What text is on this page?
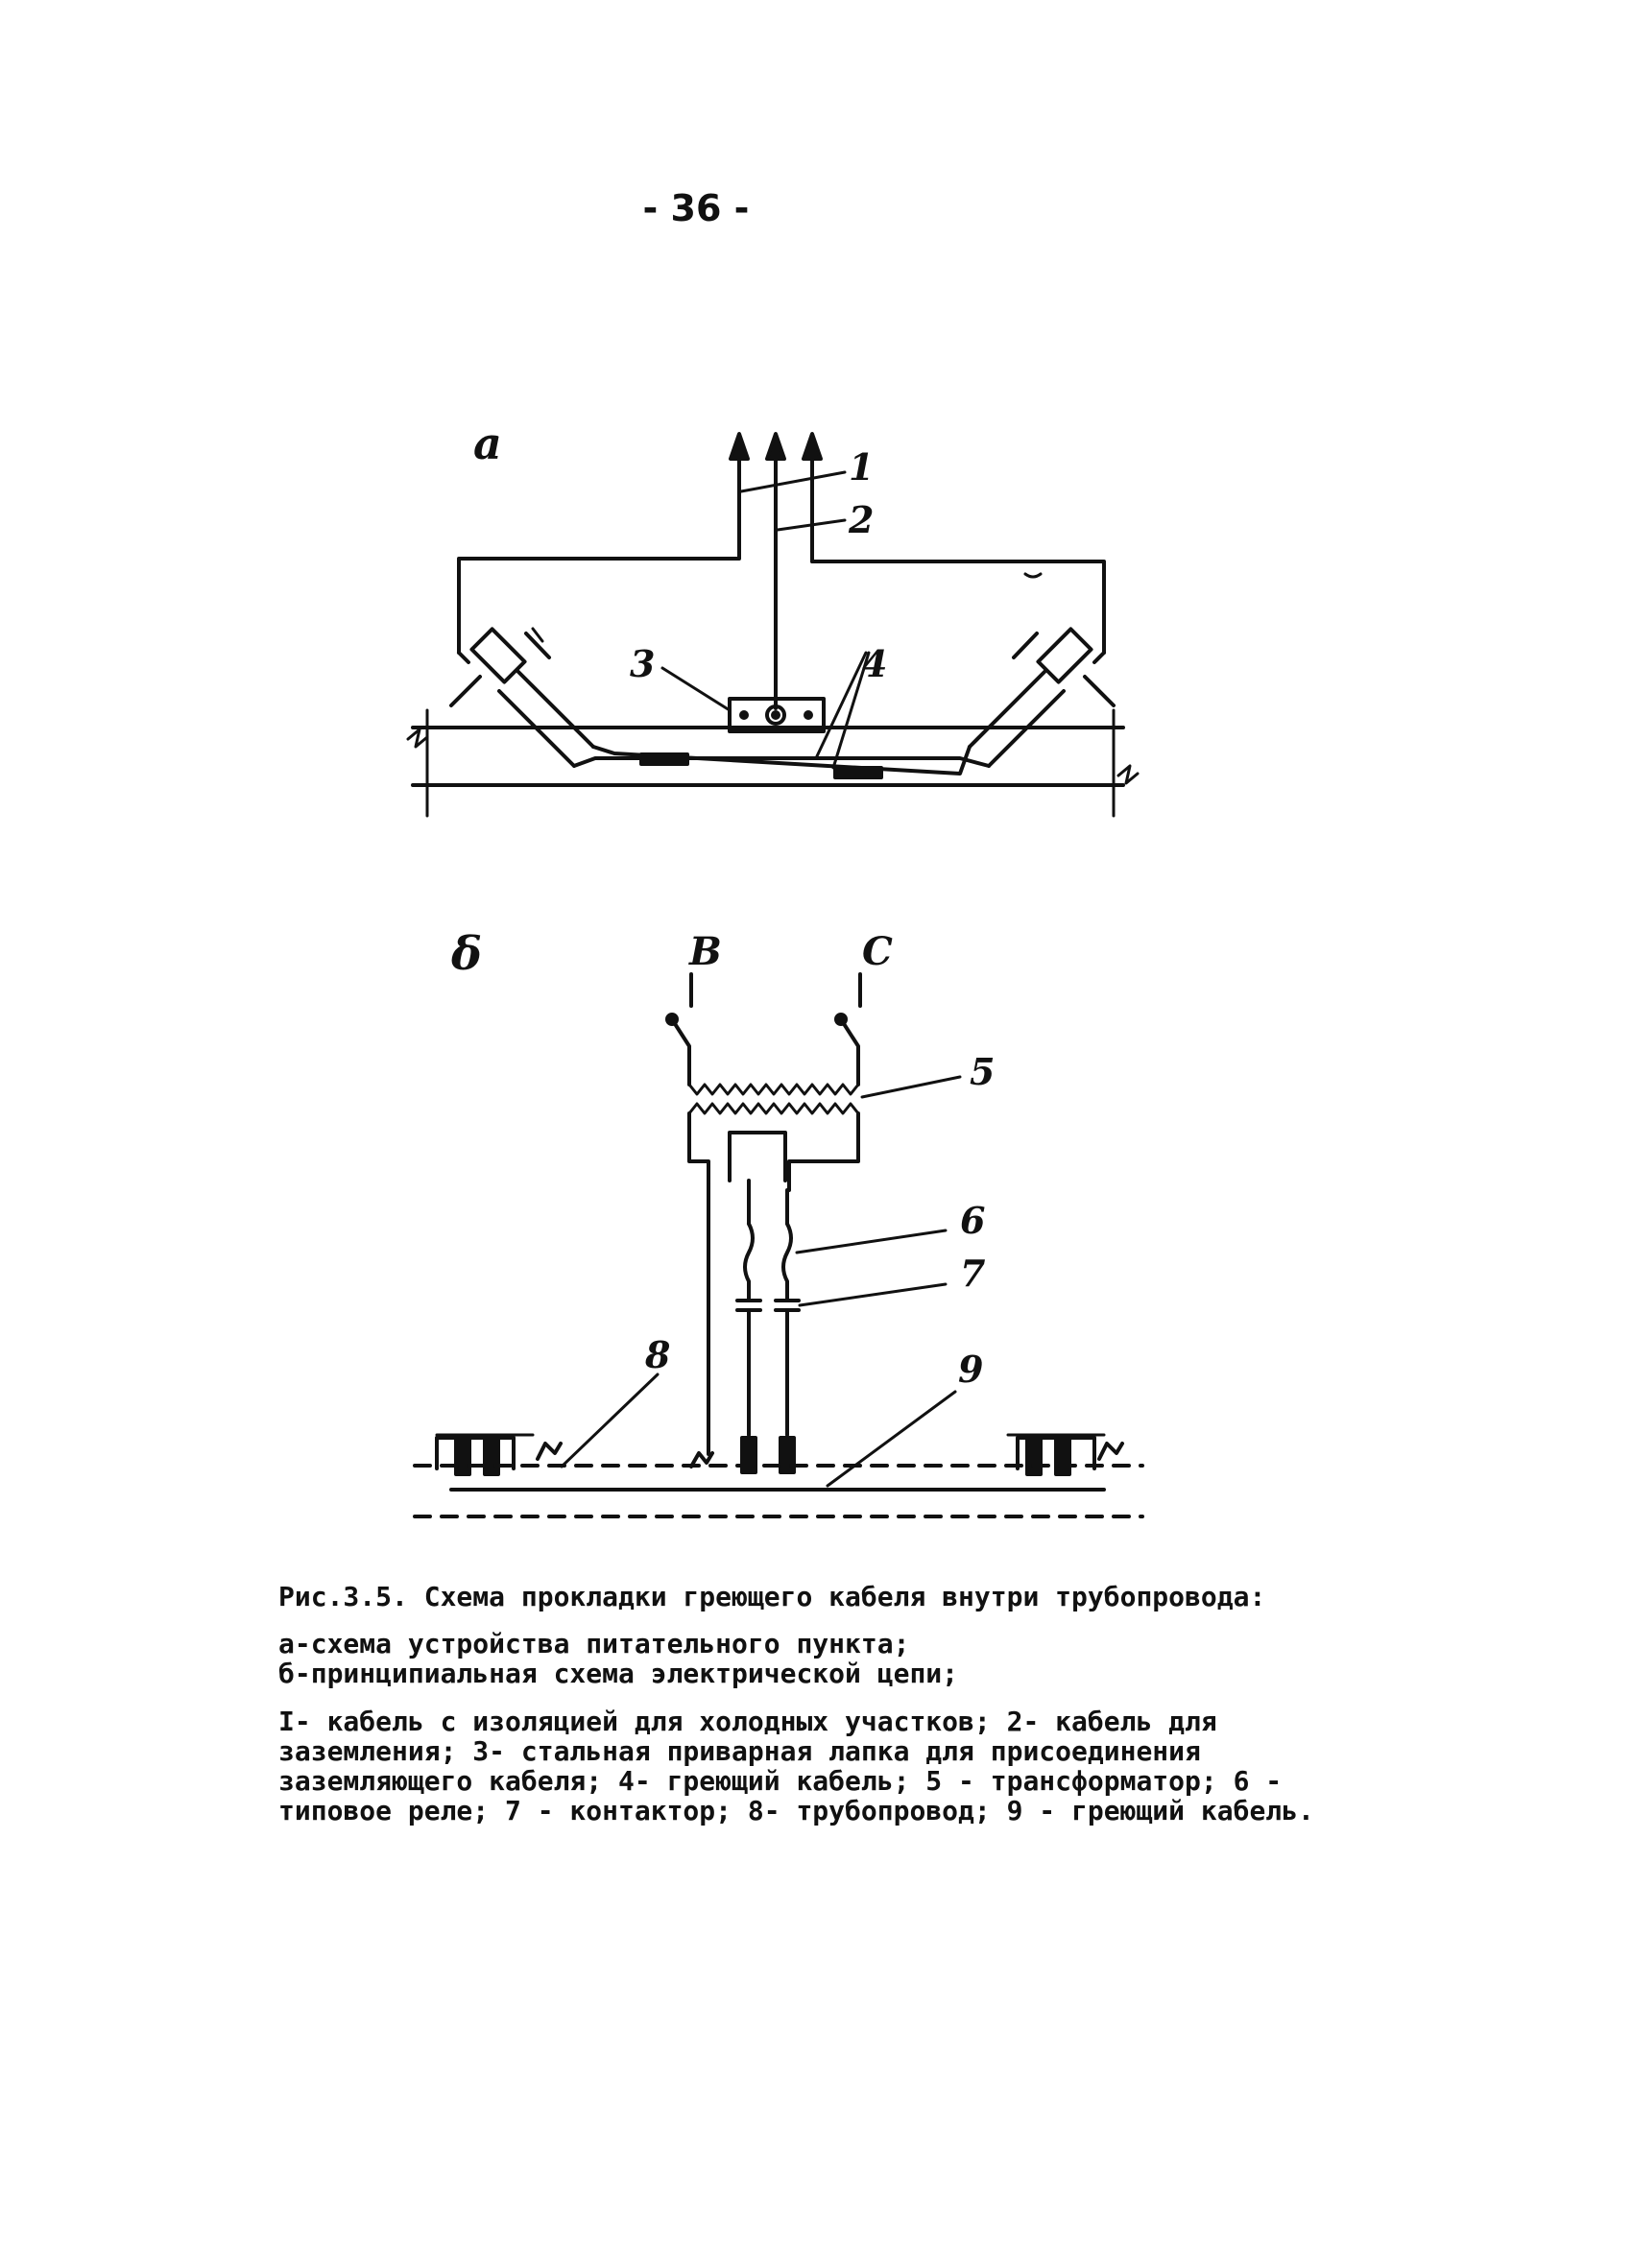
- 36 -
a	1
2
3	4
δ	B	C
5
6
7
8	9
Рис.3.5. Схема прокладки греющего кабеля внутри трубопровода:
а-схема устройства питательного пункта;
б-принципиальная схема электрической цепи;
I- кабель с изоляцией для холодных участков; 2- кабель для заземления; 3- стальная приварная лапка для присоединения заземляющего кабеля; 4- греющий кабель; 5 - трансформатор; 6 - типовое реле; 7 - контактор; 8- трубопровод; 9 - греющий кабель.
